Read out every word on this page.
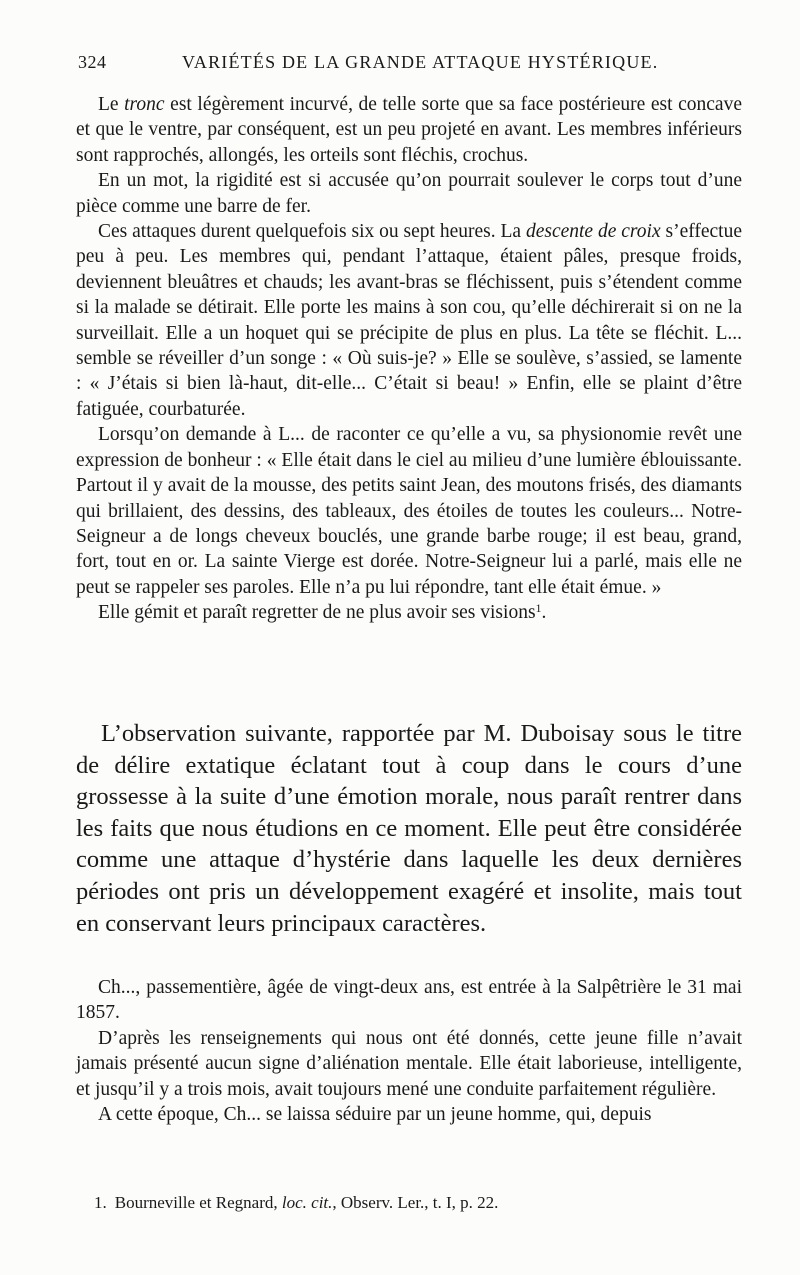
324	VARIÉTÉS DE LA GRANDE ATTAQUE HYSTÉRIQUE.

Le tronc est légèrement incurvé, de telle sorte que sa face postérieure est concave et que le ventre, par conséquent, est un peu projeté en avant. Les membres inférieurs sont rapprochés, allongés, les orteils sont fléchis, crochus.

En un mot, la rigidité est si accusée qu’on pourrait soulever le corps tout d’une pièce comme une barre de fer.

Ces attaques durent quelquefois six ou sept heures. La descente de croix s’effectue peu à peu. Les membres qui, pendant l’attaque, étaient pâles, presque froids, deviennent bleuâtres et chauds; les avant-bras se fléchissent, puis s’étendent comme si la malade se détirait. Elle porte les mains à son cou, qu’elle déchirerait si on ne la surveillait. Elle a un hoquet qui se précipite de plus en plus. La tête se fléchit. L... semble se réveiller d’un songe : « Où suis-je? » Elle se soulève, s’assied, se lamente : « J’étais si bien là-haut, dit-elle... C’était si beau! » Enfin, elle se plaint d’être fatiguée, courbaturée.

Lorsqu’on demande à L... de raconter ce qu’elle a vu, sa physionomie revêt une expression de bonheur : « Elle était dans le ciel au milieu d’une lumière éblouissante. Partout il y avait de la mousse, des petits saint Jean, des moutons frisés, des diamants qui brillaient, des dessins, des tableaux, des étoiles de toutes les couleurs... Notre-Seigneur a de longs cheveux bouclés, une grande barbe rouge; il est beau, grand, fort, tout en or. La sainte Vierge est dorée. Notre-Seigneur lui a parlé, mais elle ne peut se rappeler ses paroles. Elle n’a pu lui répondre, tant elle était émue. »

Elle gémit et paraît regretter de ne plus avoir ses visions$^1$.

L’observation suivante, rapportée par M. Duboisay sous le titre de délire extatique éclatant tout à coup dans le cours d’une grossesse à la suite d’une émotion morale, nous paraît rentrer dans les faits que nous étudions en ce moment. Elle peut être considérée comme une attaque d’hystérie dans laquelle les deux dernières périodes ont pris un développement exagéré et insolite, mais tout en conservant leurs principaux caractères.

Ch..., passementière, âgée de vingt-deux ans, est entrée à la Salpêtrière le 31 mai 1857.

D’après les renseignements qui nous ont été donnés, cette jeune fille n’avait jamais présenté aucun signe d’aliénation mentale. Elle était laborieuse, intelligente, et jusqu’il y a trois mois, avait toujours mené une conduite parfaitement régulière.

A cette époque, Ch... se laissa séduire par un jeune homme, qui, depuis

1. Bourneville et Regnard, loc. cit., Observ. Ler., t. I, p. 22.
